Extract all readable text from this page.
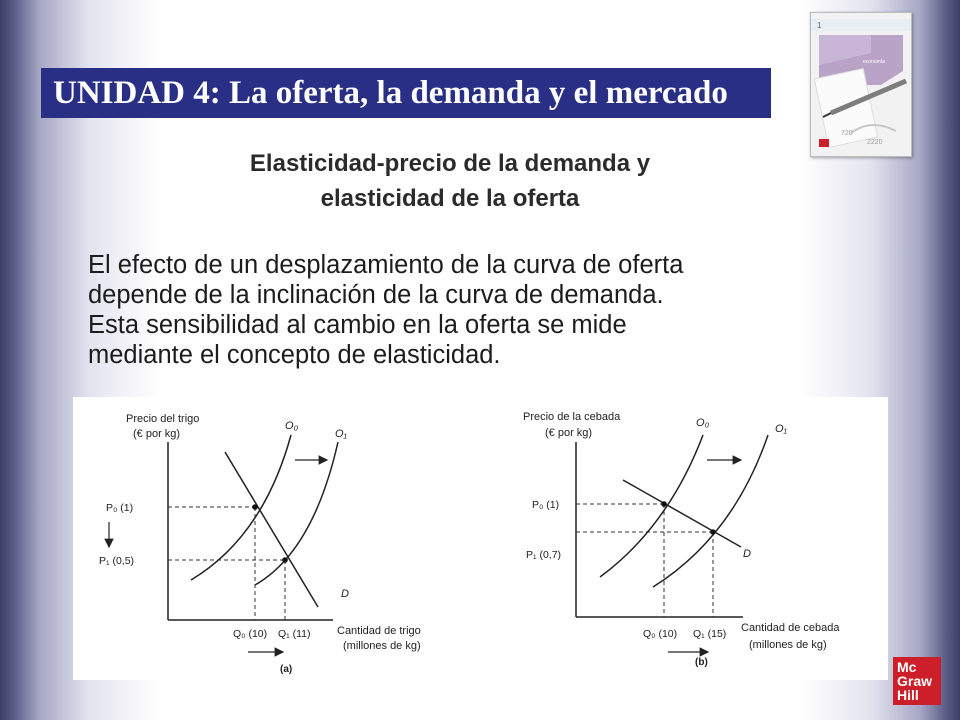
UNIDAD 4: La oferta, la demanda y el mercado
1
economía
720
2220
Elasticidad-precio de la demanda y
elasticidad de la oferta
El efecto de un desplazamiento de la curva de oferta
depende de la inclinación de la curva de demanda.
Esta sensibilidad al cambio en la oferta se mide
mediante el concepto de elasticidad.
Precio del trigo
(€ por kg)
O₀
O₁
D
P₀ (1)
P₁ (0,5)
Q₀ (10) Q₁ (11) Cantidad de trigo
(millones de kg)
(a)
Precio de la cebada
(€ por kg)
O₀	O₁
D
P₀ (1)
P₁ (0,7)
Q₀ (10) Q₁ (15) Cantidad de cebada
(millones de kg)
(b)	Mc
Graw
Hill
